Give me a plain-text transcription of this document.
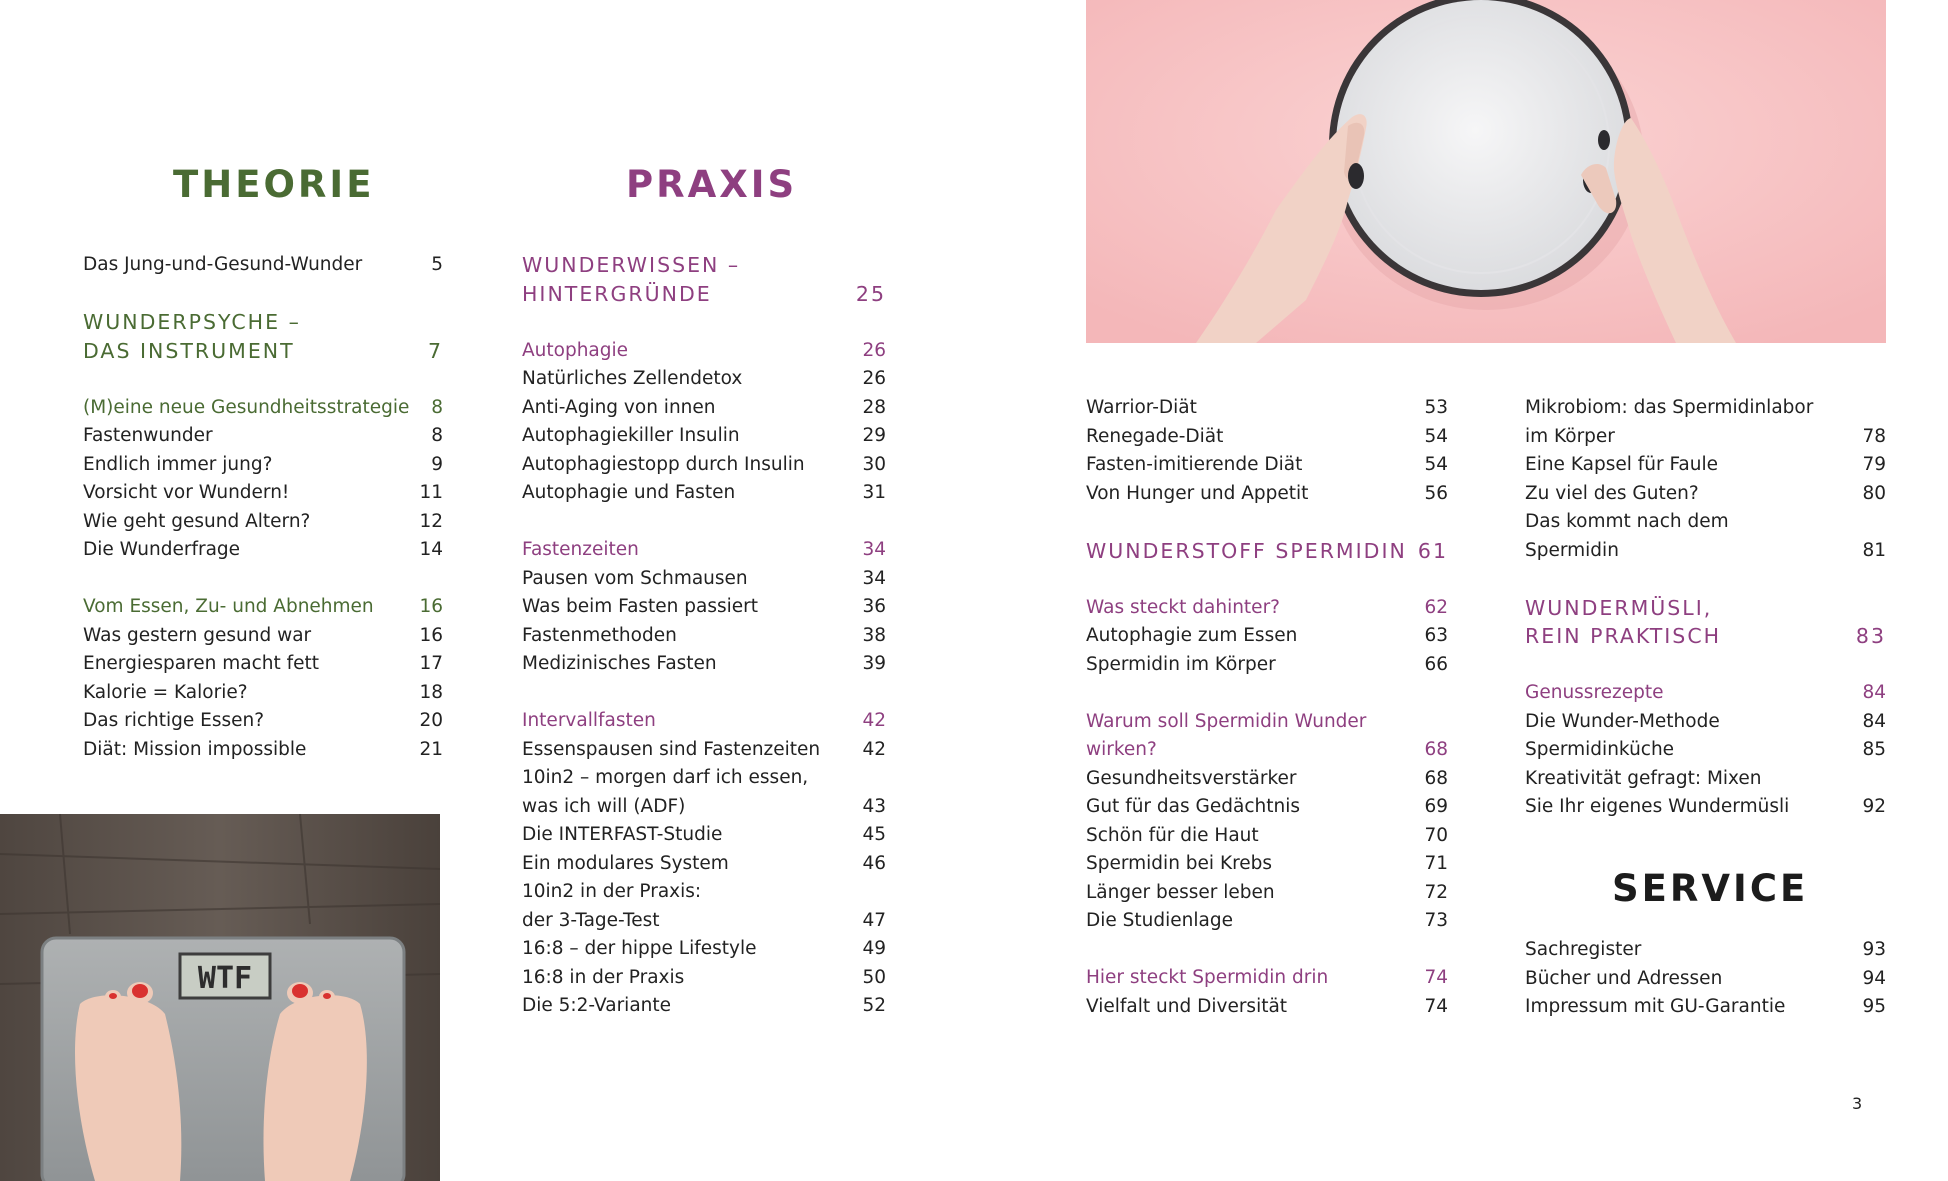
THEORIE	PRAXIS
SERVICE
Das Jung-und-Gesund-Wunder	5
WUNDERPSYCHE –
DAS INSTRUMENT	7
(M)eine neue Gesundheitsstrategie	8
Fastenwunder	8
Endlich immer jung?	9
Vorsicht vor Wundern!	11
Wie geht gesund Altern?	12
Die Wunderfrage	14
Vom Essen, Zu- und Abnehmen	16
Was gestern gesund war	16
Energiesparen macht fett	17
Kalorie = Kalorie?	18
Das richtige Essen?	20
Diät: Mission impossible	21
WUNDERWISSEN –
HINTERGRÜNDE	25
Autophagie	26
Natürliches Zellendetox	26
Anti-Aging von innen	28
Autophagiekiller Insulin	29
Autophagiestopp durch Insulin	30
Autophagie und Fasten	31
Fastenzeiten	34
Pausen vom Schmausen	34
Was beim Fasten passiert	36
Fastenmethoden	38
Medizinisches Fasten	39
Intervallfasten	42
Essenspausen sind Fastenzeiten	42
10in2 – morgen darf ich essen,
was ich will (ADF)	43
Die INTERFAST-Studie	45
Ein modulares System	46
10in2 in der Praxis:
der 3-Tage-Test	47
16:8 – der hippe Lifestyle	49
16:8 in der Praxis	50
Die 5:2-Variante	52
Warrior-Diät	53
Renegade-Diät	54
Fasten-imitierende Diät	54
Von Hunger und Appetit	56
WUNDERSTOFF SPERMIDIN 61
Was steckt dahinter?	62
Autophagie zum Essen	63
Spermidin im Körper	66
Warum soll Spermidin Wunder
wirken?	68
Gesundheitsverstärker	68
Gut für das Gedächtnis	69
Schön für die Haut	70
Spermidin bei Krebs	71
Länger besser leben	72
Die Studienlage	73
Hier steckt Spermidin drin	74
Vielfalt und Diversität	74
Mikrobiom: das Spermidinlabor
im Körper	78
Eine Kapsel für Faule	79
Zu viel des Guten?	80
Das kommt nach dem
Spermidin	81
WUNDERMÜSLI,
REIN PRAKTISCH	83
Genussrezepte	84
Die Wunder-Methode	84
Spermidinküche	85
Kreativität gefragt: Mixen
Sie Ihr eigenes Wundermüsli	92
Sachregister	93
Bücher und Adressen	94
Impressum mit GU-Garantie	95
WTF
3
